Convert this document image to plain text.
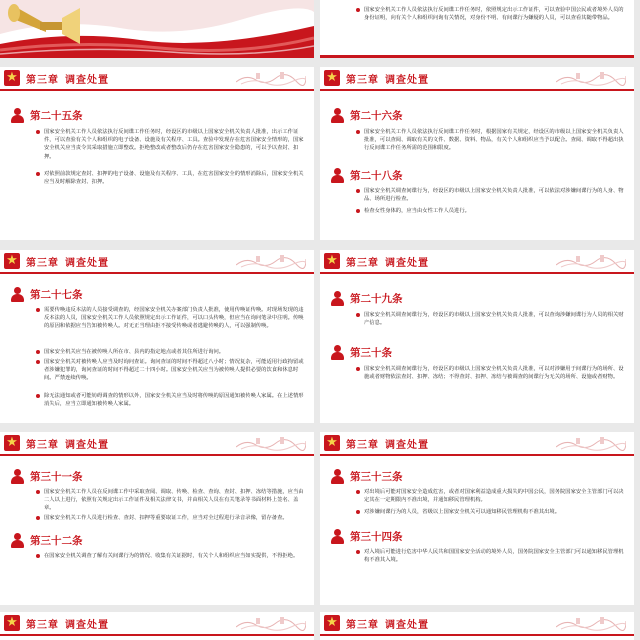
国家安全机关工作人员依法执行反间谍工作任务时，依照规定出示工作证件，可以查验中国公民或者境外人员的身份证明，向有关个人和组织问询有关情况，对身份不明、有间谍行为嫌疑的人员，可以查看其随带物品。
★ 第三章 调查处置
第二十五条
国家安全机关工作人员依法执行反间谍工作任务时，经设区的市级以上国家安全机关负责人批准，出示工作证件，可以查验有关个人和组织的电子设备、设施及有关程序、工具。查验中发现存在危害国家安全情形的，国家安全机关应当责令其采取措施立即整改。拒绝整改或者整改后仍存在危害国家安全隐患的，可以予以查封、扣押。
对依照前款规定查封、扣押的电子设备、设施及有关程序、工具，在危害国家安全的情形消除后，国家安全机关应当及时解除查封、扣押。
★ 第三章 调查处置
第二十六条
国家安全机关工作人员依法执行反间谍工作任务时，根据国家有关规定，经设区的市级以上国家安全机关负责人批准，可以查阅、调取有关的文件、数据、资料、物品，有关个人和组织应当予以配合。查阅、调取不得超出执行反间谍工作任务所需的范围和限度。
第二十八条
国家安全机关调查间谍行为，经设区的市级以上国家安全机关负责人批准，可以依法对涉嫌间谍行为的人身、物品、场所进行检查。
检查女性身体的，应当由女性工作人员进行。
★ 第三章 调查处置
第二十七条
需要传唤违反本法的人员接受调查的，经国家安全机关办案部门负责人批准，使用传唤证传唤。对现场发现的违反本法的人员，国家安全机关工作人员依照规定出示工作证件，可以口头传唤，但应当在询问笔录中注明。传唤的原因和依据应当告知被传唤人。对无正当理由拒不接受传唤或者逃避传唤的人，可以强制传唤。
国家安全机关应当在被传唤人所在市、县内的指定地点或者其住所进行询问。
国家安全机关对被传唤人应当及时询问查证。询问查证的时间不得超过八小时；情况复杂，可能适用行政拘留或者涉嫌犯罪的，询问查证的时间不得超过二十四小时。国家安全机关应当为被传唤人提供必要的饮食和休息时间。严禁连续传唤。
除无法通知或者可能妨碍调查的情形以外，国家安全机关应当及时将传唤的原因通知被传唤人家属。在上述情形消失后，应当立即通知被传唤人家属。
★ 第三章 调查处置
第二十九条
国家安全机关调查间谍行为，经设区的市级以上国家安全机关负责人批准，可以查询涉嫌间谍行为人员的相关财产信息。
第三十条
国家安全机关调查间谍行为，经设区的市级以上国家安全机关负责人批准，可以对涉嫌用于间谍行为的场所、设施或者财物依法查封、扣押、冻结；不得查封、扣押、冻结与被调查的间谍行为无关的场所、设施或者财物。
★ 第三章 调查处置
第三十一条
国家安全机关工作人员在反间谍工作中采取查阅、调取、传唤、检查、查询、查封、扣押、冻结等措施，应当由二人以上进行，依照有关规定出示工作证件及相关法律文书，并由相关人员在有关笔录等书面材料上签名、盖章。
国家安全机关工作人员进行检查、查封、扣押等重要取证工作，应当对全过程进行录音录像，留存备查。
第三十二条
在国家安全机关调查了解有关间谍行为的情况、收集有关证据时，有关个人和组织应当如实提供，不得拒绝。
★ 第三章 调查处置
第三十三条
对出境后可能对国家安全造成危害，或者对国家利益造成重大损失的中国公民，国务院国家安全主管部门可以决定其在一定期限内不准出境，并通知移民管理机构。
对涉嫌间谍行为的人员，省级以上国家安全机关可以通知移民管理机构不准其出境。
第三十四条
对入境后可能进行危害中华人民共和国国家安全活动的境外人员，国务院国家安全主管部门可以通知移民管理机构不准其入境。
★ 第三章 调查处置	★ 第三章 调查处置
